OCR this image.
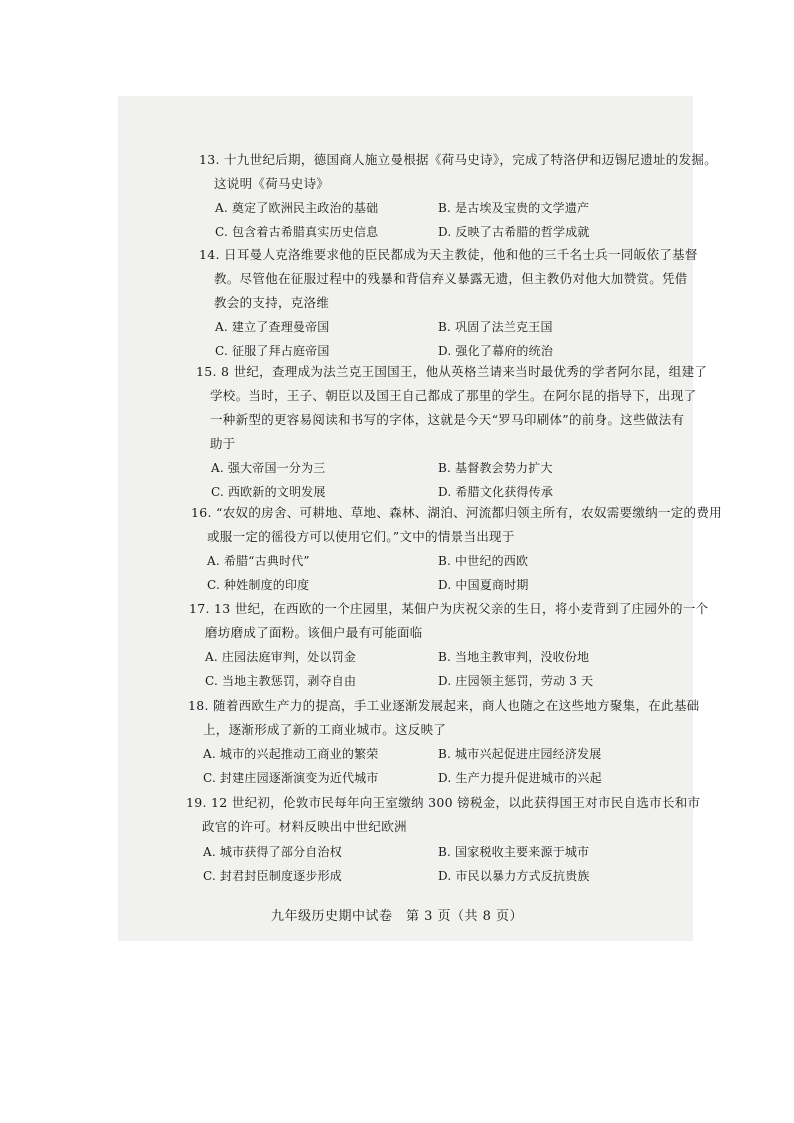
13. 十九世纪后期，德国商人施立曼根据《荷马史诗》，完成了特洛伊和迈锡尼遗址的发掘。
这说明《荷马史诗》
A. 奠定了欧洲民主政治的基础	B. 是古埃及宝贵的文学遗产
C. 包含着古希腊真实历史信息	D. 反映了古希腊的哲学成就
14. 日耳曼人克洛维要求他的臣民都成为天主教徒，他和他的三千名士兵一同皈依了基督
教。尽管他在征服过程中的残暴和背信弃义暴露无遗，但主教仍对他大加赞赏。凭借
教会的支持，克洛维
A. 建立了查理曼帝国	B. 巩固了法兰克王国
C. 征服了拜占庭帝国	D. 强化了幕府的统治
15. 8 世纪，查理成为法兰克王国国王，他从英格兰请来当时最优秀的学者阿尔昆，组建了
学校。当时，王子、朝臣以及国王自己都成了那里的学生。在阿尔昆的指导下，出现了
一种新型的更容易阅读和书写的字体，这就是今天“罗马印刷体”的前身。这些做法有
助于
A. 强大帝国一分为三	B. 基督教会势力扩大
C. 西欧新的文明发展	D. 希腊文化获得传承
16. “农奴的房舍、可耕地、草地、森林、湖泊、河流都归领主所有，农奴需要缴纳一定的费用
或服一定的徭役方可以使用它们。”文中的情景当出现于
A. 希腊“古典时代”	B. 中世纪的西欧
C. 种姓制度的印度	D. 中国夏商时期
17. 13 世纪，在西欧的一个庄园里，某佃户为庆祝父亲的生日，将小麦背到了庄园外的一个
磨坊磨成了面粉。该佃户最有可能面临
A. 庄园法庭审判，处以罚金	B. 当地主教审判，没收份地
C. 当地主教惩罚，剥夺自由	D. 庄园领主惩罚，劳动 3 天
18. 随着西欧生产力的提高，手工业逐渐发展起来，商人也随之在这些地方聚集，在此基础
上，逐渐形成了新的工商业城市。这反映了
A. 城市的兴起推动工商业的繁荣	B. 城市兴起促进庄园经济发展
C. 封建庄园逐渐演变为近代城市	D. 生产力提升促进城市的兴起
19. 12 世纪初，伦敦市民每年向王室缴纳 300 镑税金，以此获得国王对市民自选市长和市
政官的许可。材料反映出中世纪欧洲
A. 城市获得了部分自治权	B. 国家税收主要来源于城市
C. 封君封臣制度逐步形成	D. 市民以暴力方式反抗贵族
九年级历史期中试卷　第 3 页（共 8 页）
